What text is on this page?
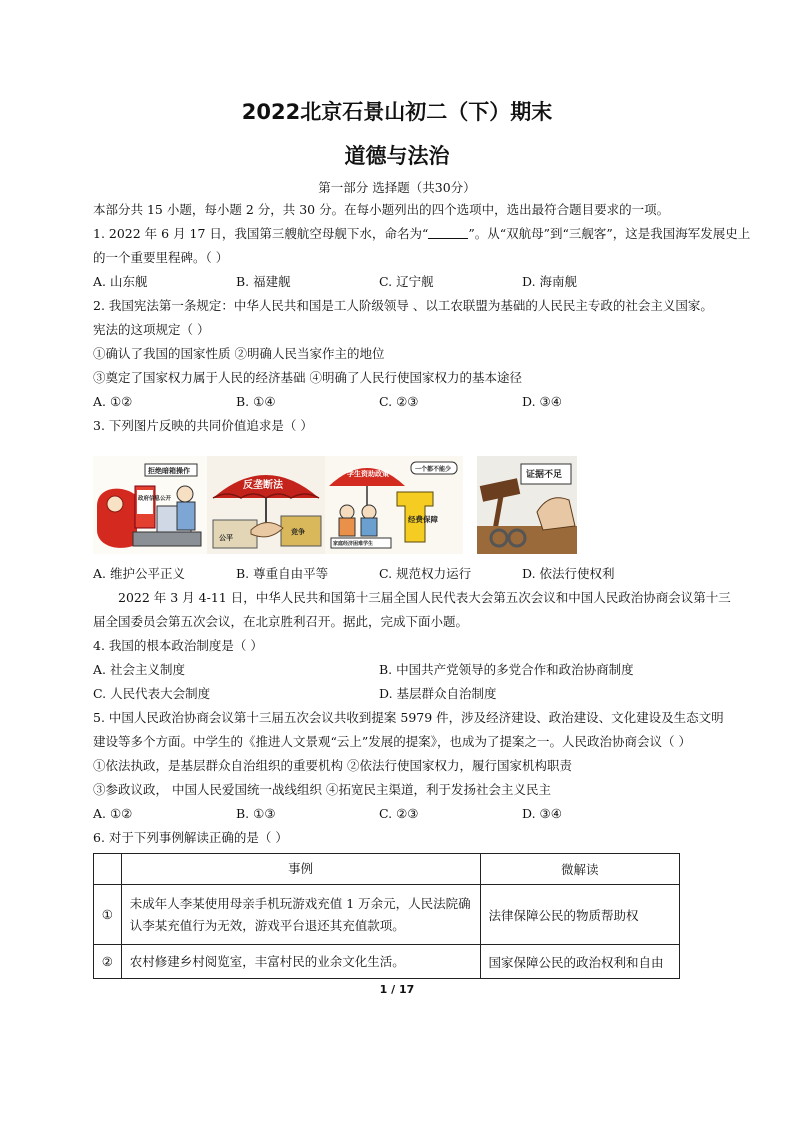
2022北京石景山初二（下）期末
道德与法治
第一部分 选择题（共30分）
本部分共 15 小题，每小题 2 分，共 30 分。在每小题列出的四个选项中，选出最符合题目要求的一项。
1. 2022 年 6 月 17 日，我国第三艘航空母舰下水，命名为“	”。从“双航母”到“三舰客”，这是我国海军发展史上
的一个重要里程碑。（ ）
A. 山东舰	B. 福建舰	C. 辽宁舰	D. 海南舰
2. 我国宪法第一条规定：中华人民共和国是工人阶级领导 、以工农联盟为基础的人民民主专政的社会主义国家。
宪法的这项规定（ ）
①确认了我国的国家性质 ②明确人民当家作主的地位
③奠定了国家权力属于人民的经济基础 ④明确了人民行使国家权力的基本途径
A. ①②	B. ①④	C. ②③	D. ③④
3. 下列图片反映的共同价值追求是（ ）
拒绝暗箱操作
政府信息公开
反垄断法
公平
竞争
学生资助政策
一个都不能少
经费保障
家庭经济困难学生
证据不足
A. 维护公平正义	B. 尊重自由平等	C. 规范权力运行	D. 依法行使权利
2022 年 3 月 4-11 日，中华人民共和国第十三届全国人民代表大会第五次会议和中国人民政治协商会议第十三
届全国委员会第五次会议，在北京胜利召开。据此，完成下面小题。
4. 我国的根本政治制度是（ ）
A. 社会主义制度	B. 中国共产党领导的多党合作和政治协商制度
C. 人民代表大会制度	D. 基层群众自治制度
5. 中国人民政治协商会议第十三届五次会议共收到提案 5979 件，涉及经济建设、政治建设、文化建设及生态文明
建设等多个方面。中学生的《推进人文景观“云上”发展的提案》，也成为了提案之一。人民政治协商会议（ ）
①依法执政，是基层群众自治组织的重要机构 ②依法行使国家权力，履行国家机构职责
③参政议政， 中国人民爱国统一战线组织 ④拓宽民主渠道，利于发扬社会主义民主
A. ①②	B. ①③	C. ②③	D. ③④
6. 对于下列事例解读正确的是（ ）
	事例	微解读
①	未成年人李某使用母亲手机玩游戏充值 1 万余元，人民法院确认李某充值行为无效，游戏平台退还其充值款项。	法律保障公民的物质帮助权
②	农村修建乡村阅览室，丰富村民的业余文化生活。	国家保障公民的政治权利和自由
1 / 17
